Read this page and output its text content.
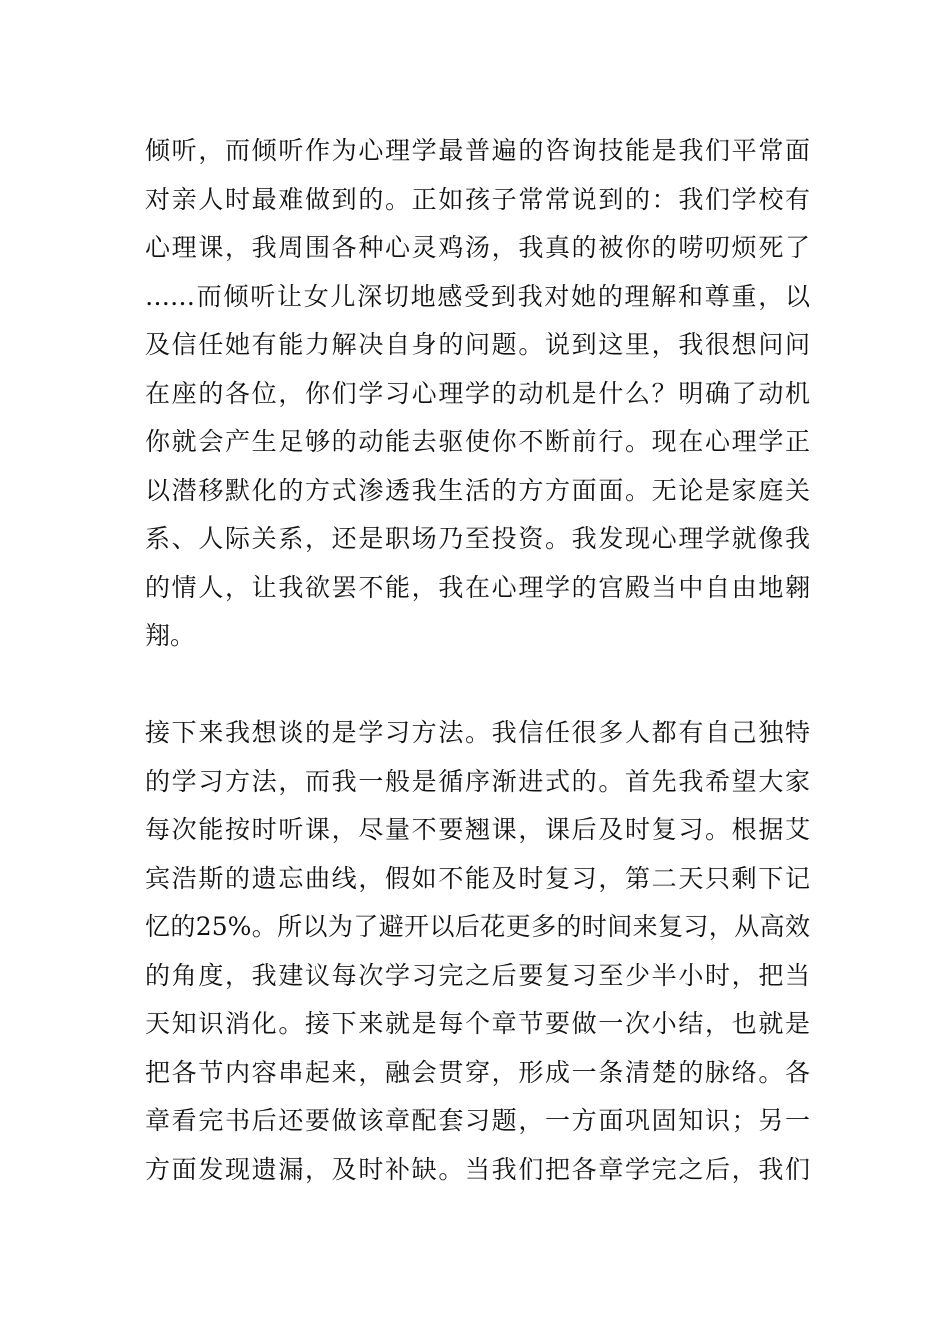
倾听，而倾听作为心理学最普遍的咨询技能是我们平常面
对亲人时最难做到的。正如孩子常常说到的：我们学校有
心理课，我周围各种心灵鸡汤，我真的被你的唠叨烦死了
……而倾听让女儿深切地感受到我对她的理解和尊重，以
及信任她有能力解决自身的问题。说到这里，我很想问问
在座的各位，你们学习心理学的动机是什么？明确了动机
你就会产生足够的动能去驱使你不断前行。现在心理学正
以潜移默化的方式渗透我生活的方方面面。无论是家庭关
系、人际关系，还是职场乃至投资。我发现心理学就像我
的情人，让我欲罢不能，我在心理学的宫殿当中自由地翱
翔。
接下来我想谈的是学习方法。我信任很多人都有自己独特
的学习方法，而我一般是循序渐进式的。首先我希望大家
每次能按时听课，尽量不要翘课，课后及时复习。根据艾
宾浩斯的遗忘曲线，假如不能及时复习，第二天只剩下记
忆的25%。所以为了避开以后花更多的时间来复习，从高效
的角度，我建议每次学习完之后要复习至少半小时，把当
天知识消化。接下来就是每个章节要做一次小结，也就是
把各节内容串起来，融会贯穿，形成一条清楚的脉络。各
章看完书后还要做该章配套习题，一方面巩固知识；另一
方面发现遗漏，及时补缺。当我们把各章学完之后，我们
